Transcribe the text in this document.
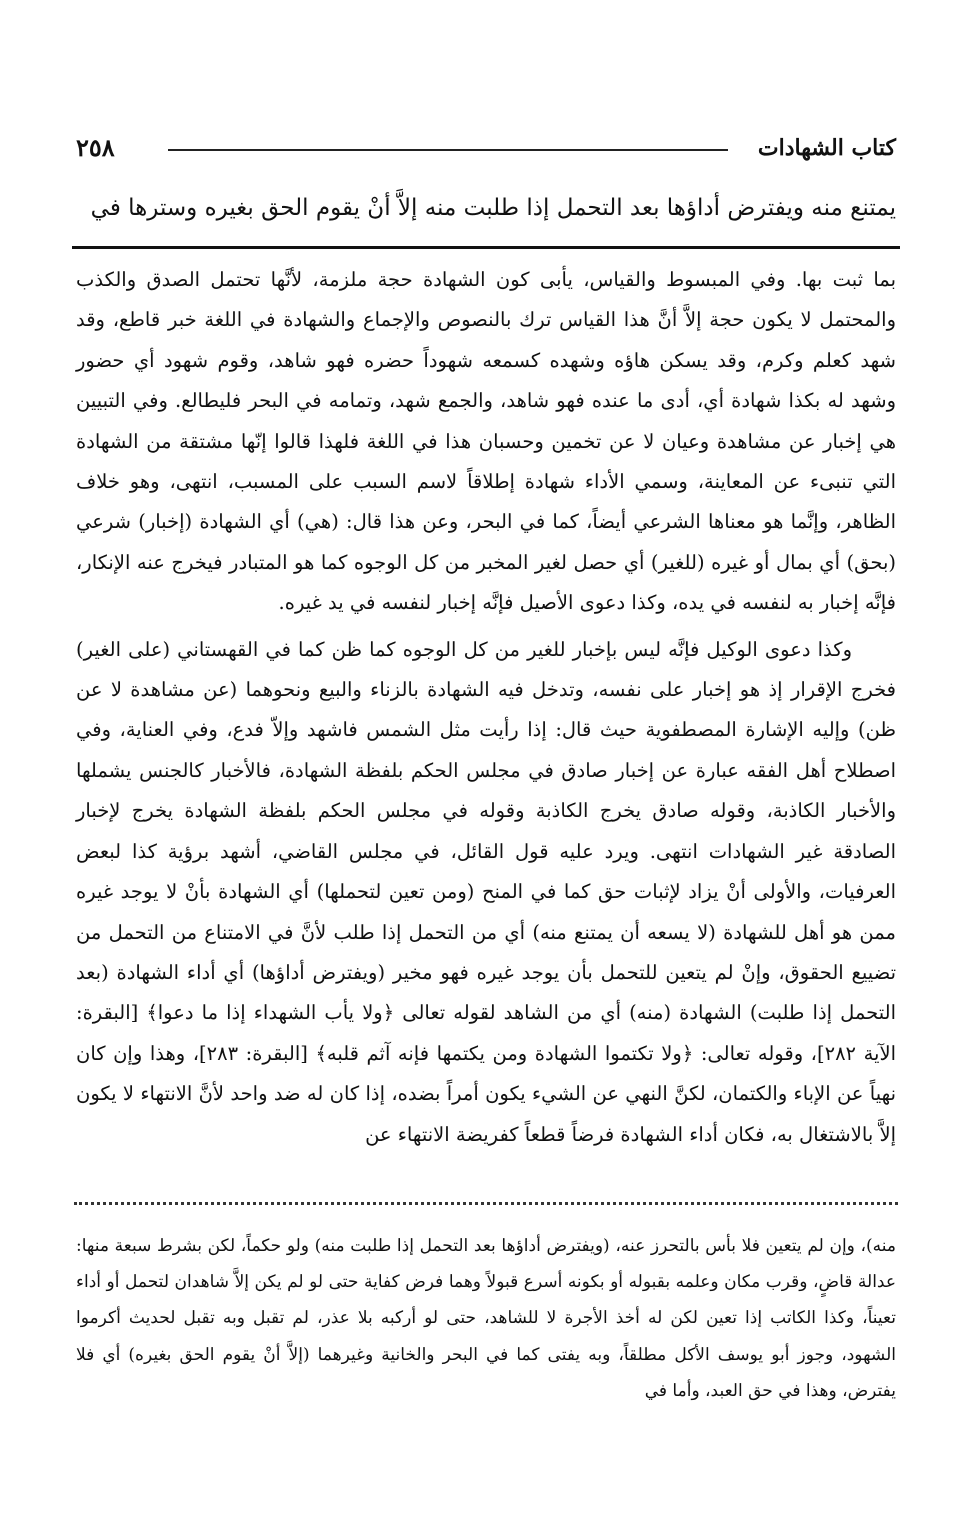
٢٥٨	كتاب الشهادات

يمتنع منه ويفترض أداؤها بعد التحمل إذا طلبت منه إلاَّ أنْ يقوم الحق بغيره وسترها في

بما ثبت بها. وفي المبسوط والقياس، يأبى كون الشهادة حجة ملزمة، لأنَّها تحتمل الصدق والكذب والمحتمل لا يكون حجة إلاَّ أنَّ هذا القياس ترك بالنصوص والإجماع والشهادة في اللغة خبر قاطع، وقد شهد كعلم وكرم، وقد يسكن هاؤه وشهده كسمعه شهوداً حضره فهو شاهد، وقوم شهود أي حضور وشهد له بكذا شهادة أي، أدى ما عنده فهو شاهد، والجمع شهد، وتمامه في البحر فليطالع. وفي التبيين هي إخبار عن مشاهدة وعيان لا عن تخمين وحسبان هذا في اللغة فلهذا قالوا إنّها مشتقة من الشهادة التي تنبىء عن المعاينة، وسمي الأداء شهادة إطلاقاً لاسم السبب على المسبب، انتهى، وهو خلاف الظاهر، وإنَّما هو معناها الشرعي أيضاً، كما في البحر، وعن هذا قال: (هي) أي الشهادة (إخبار) شرعي (بحق) أي بمال أو غيره (للغير) أي حصل لغير المخبر من كل الوجوه كما هو المتبادر فيخرج عنه الإنكار، فإنَّه إخبار به لنفسه في يده، وكذا دعوى الأصيل فإنَّه إخبار لنفسه في يد غيره.

وكذا دعوى الوكيل فإنَّه ليس بإخبار للغير من كل الوجوه كما ظن كما في القهستاني (على الغير) فخرج الإقرار إذ هو إخبار على نفسه، وتدخل فيه الشهادة بالزناء والبيع ونحوهما (عن مشاهدة لا عن ظن) وإليه الإشارة المصطفوية حيث قال: إذا رأيت مثل الشمس فاشهد وإلاّ فدع، وفي العناية، وفي اصطلاح أهل الفقه عبارة عن إخبار صادق في مجلس الحكم بلفظة الشهادة، فالأخبار كالجنس يشملها والأخبار الكاذبة، وقوله صادق يخرج الكاذبة وقوله في مجلس الحكم بلفظة الشهادة يخرج لإخبار الصادقة غير الشهادات انتهى. ويرد عليه قول القائل، في مجلس القاضي، أشهد برؤية كذا لبعض العرفيات، والأولى أنْ يزاد لإثبات حق كما في المنح (ومن تعين لتحملها) أي الشهادة بأنْ لا يوجد غيره ممن هو أهل للشهادة (لا يسعه أن يمتنع منه) أي من التحمل إذا طلب لأنَّ في الامتناع من التحمل من تضييع الحقوق، وإنْ لم يتعين للتحمل بأن يوجد غيره فهو مخير (ويفترض أداؤها) أي أداء الشهادة (بعد التحمل إذا طلبت) الشهادة (منه) أي من الشاهد لقوله تعالى ﴿ولا يأب الشهداء إذا ما دعوا﴾ [البقرة: الآية ٢٨٢]، وقوله تعالى: ﴿ولا تكتموا الشهادة ومن يكتمها فإنه آثم قلبه﴾ [البقرة: ٢٨٣]، وهذا وإن كان نهياً عن الإباء والكتمان، لكنَّ النهي عن الشيء يكون أمراً بضده، إذا كان له ضد واحد لأنَّ الانتهاء لا يكون إلاَّ بالاشتغال به، فكان أداء الشهادة فرضاً قطعاً كفريضة الانتهاء عن

منه)، وإن لم يتعين فلا بأس بالتحرز عنه، (ويفترض أداؤها بعد التحمل إذا طلبت منه) ولو حكماً، لكن بشرط سبعة منها: عدالة قاضٍ، وقرب مكان وعلمه بقبوله أو بكونه أسرع قبولاً وهما فرض كفاية حتى لو لم يكن إلاَّ شاهدان لتحمل أو أداء تعيناً، وكذا الكاتب إذا تعين لكن له أخذ الأجرة لا للشاهد، حتى لو أركبه بلا عذر، لم تقبل وبه تقبل لحديث أكرموا الشهود، وجوز أبو يوسف الأكل مطلقاً، وبه يفتى كما في البحر والخانية وغيرهما (إلاَّ أنْ يقوم الحق بغيره) أي فلا يفترض، وهذا في حق العبد، وأما في
